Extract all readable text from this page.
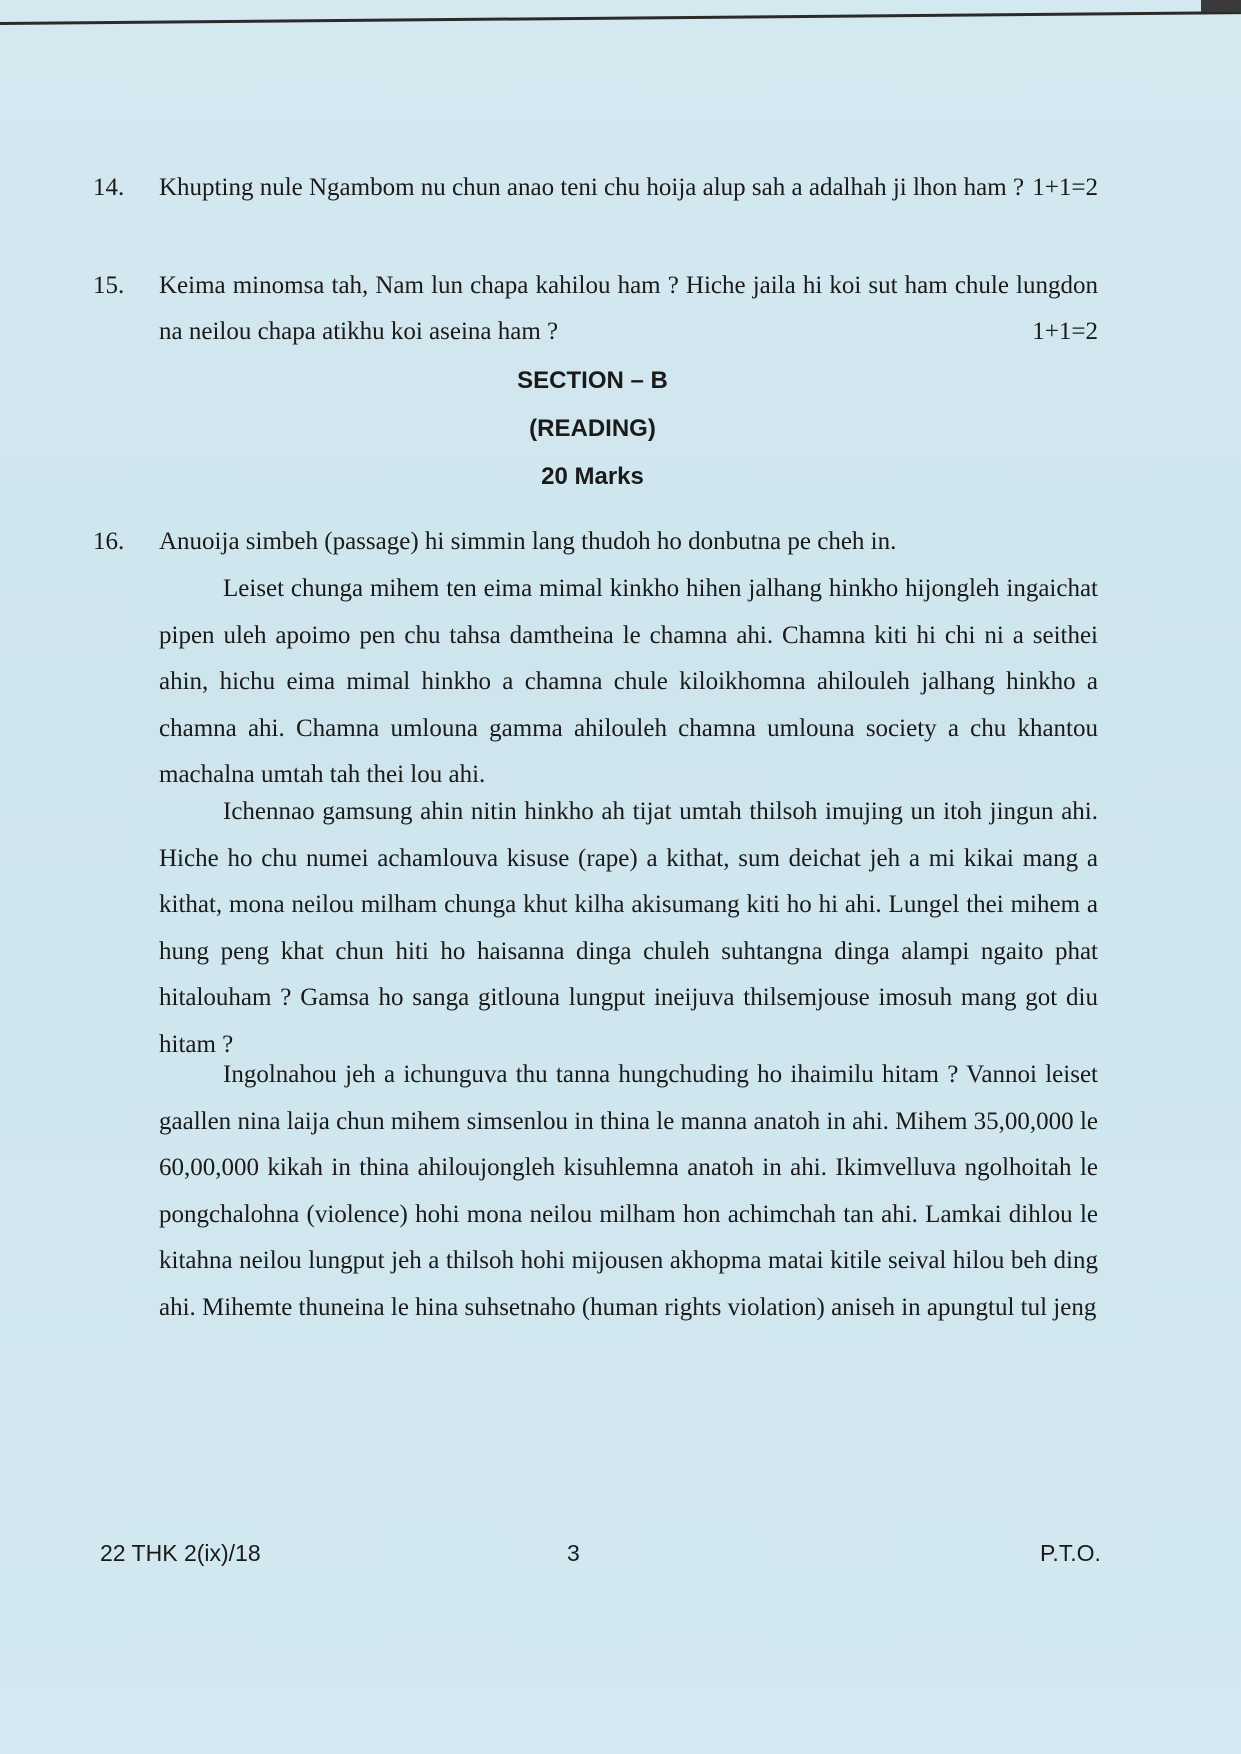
14. Khupting nule Ngambom nu chun anao teni chu hoija alup sah a adalhah ji lhon ham ? 1+1=2
15. Keima minomsa tah, Nam lun chapa kahilou ham ? Hiche jaila hi koi sut ham chule lungdon na neilou chapa atikhu koi aseina ham ?	1+1=2
SECTION – B
(READING)
20 Marks
16. Anuoija simbeh (passage) hi simmin lang thudoh ho donbutna pe cheh in.

Leiset chunga mihem ten eima mimal kinkho hihen jalhang hinkho hijongleh ingaichat pipen uleh apoimo pen chu tahsa damtheina le chamna ahi. Chamna kiti hi chi ni a seithei ahin, hichu eima mimal hinkho a chamna chule kiloikhomna ahilouleh jalhang hinkho a chamna ahi. Chamna umlouna gamma ahilouleh chamna umlouna society a chu khantou machalna umtah tah thei lou ahi.

Ichennao gamsung ahin nitin hinkho ah tijat umtah thilsoh imujing un itoh jingun ahi. Hiche ho chu numei achamlouva kisuse (rape) a kithat, sum deichat jeh a mi kikai mang a kithat, mona neilou milham chunga khut kilha akisumang kiti ho hi ahi. Lungel thei mihem a hung peng khat chun hiti ho haisanna dinga chuleh suhtangna dinga alampi ngaito phat hitalouham ? Gamsa ho sanga gitlouna lungput ineijuva thilsemjouse imosuh mang got diu hitam ?

Ingolnahou jeh a ichunguva thu tanna hungchuding ho ihaimilu hitam ? Vannoi leiset gaallen nina laija chun mihem simsenlou in thina le manna anatoh in ahi. Mihem 35,00,000 le 60,00,000 kikah in thina ahiloujongleh kisuhlemna anatoh in ahi. Ikimvelluva ngolhoitah le pongchalohna (violence) hohi mona neilou milham hon achimchah tan ahi. Lamkai dihlou le kitahna neilou lungput jeh a thilsoh hohi mijousen akhopma matai kitile seival hilou beh ding ahi. Mihemte thuneina le hina suhsetnaho (human rights violation) aniseh in apungtul tul jeng

22 THK 2(ix)/18	3	P.T.O.
